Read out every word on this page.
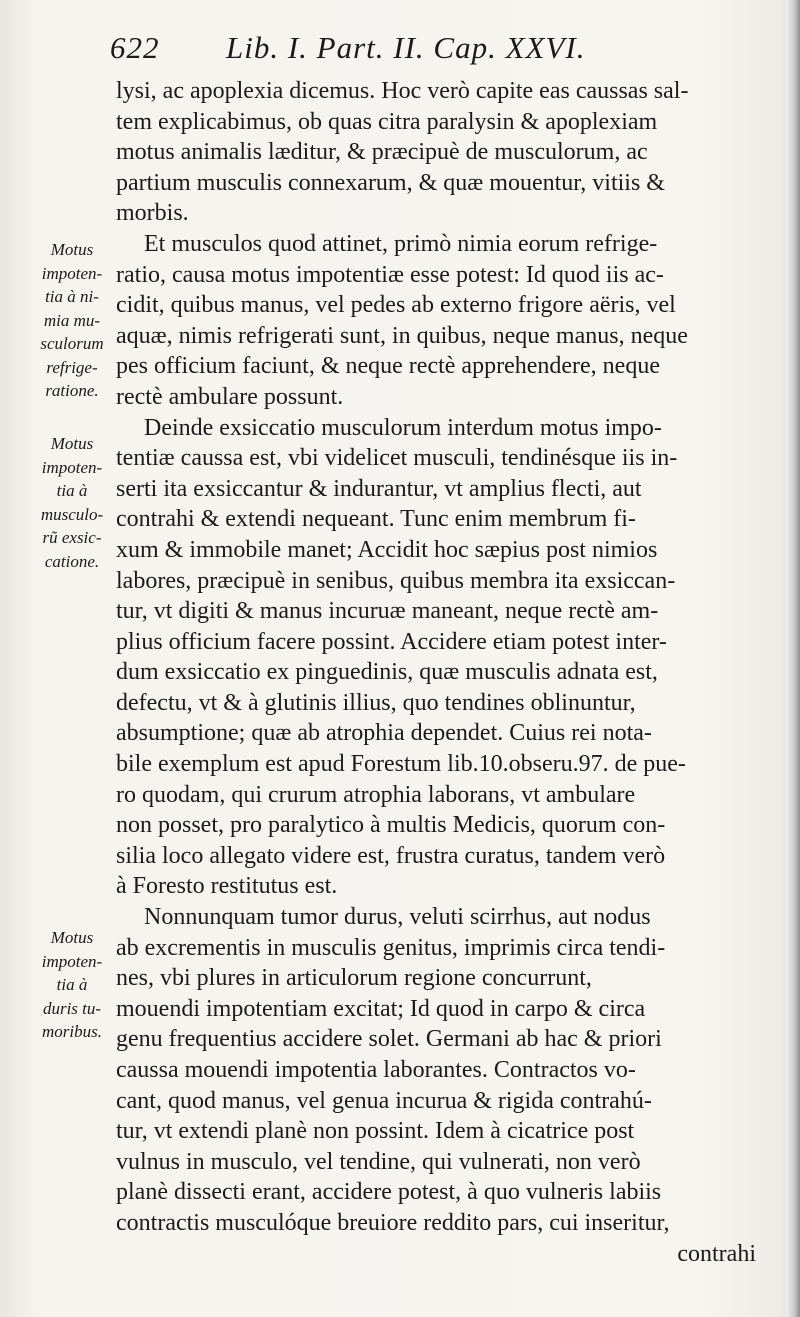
622 Lib. I. Part. II. Cap. XXVI.
lysi, ac apoplexia dicemus. Hoc verò capite eas caussas sal-
tem explicabimus, ob quas citra paralysin & apoplexiam
motus animalis læditur, & præcipuè de musculorum, ac
partium musculis connexarum, & quæ mouentur, vitiis &
morbis.
Et musculos quod attinet, primò nimia eorum refrige-
ratio, causa motus impotentiæ esse potest: Id quod iis ac-
cidit, quibus manus, vel pedes ab externo frigore aëris, vel
aquæ, nimis refrigerati sunt, in quibus, neque manus, neque
pes officium faciunt, & neque rectè apprehendere, neque
rectè ambulare possunt.
Deinde exsiccatio musculorum interdum motus impo-
tentiæ caussa est, vbi videlicet musculi, tendinésque iis in-
serti ita exsiccantur & indurantur, vt amplius flecti, aut
contrahi & extendi nequeant. Tunc enim membrum fi-
xum & immobile manet; Accidit hoc sæpius post nimios
labores, præcipuè in senibus, quibus membra ita exsiccan-
tur, vt digiti & manus incuruæ maneant, neque rectè am-
plius officium facere possint. Accidere etiam potest inter-
dum exsiccatio ex pinguedinis, quæ musculis adnata est,
defectu, vt & à glutinis illius, quo tendines oblinuntur,
absumptione; quæ ab atrophia dependet. Cuius rei nota-
bile exemplum est apud Forestum lib.10.obseru.97. de pue-
ro quodam, qui crurum atrophia laborans, vt ambulare
non posset, pro paralytico à multis Medicis, quorum con-
silia loco allegato videre est, frustra curatus, tandem verò
à Foresto restitutus est.
Nonnunquam tumor durus, veluti scirrhus, aut nodus
ab excrementis in musculis genitus, imprimis circa tendi-
nes, vbi plures in articulorum regione concurrunt,
mouendi impotentiam excitat; Id quod in carpo & circa
genu frequentius accidere solet. Germani ab hac & priori
caussa mouendi impotentia laborantes. Contractos vo-
cant, quod manus, vel genua incurua & rigida contrahú-
tur, vt extendi planè non possint. Idem à cicatrice post
vulnus in musculo, vel tendine, qui vulnerati, non verò
planè dissecti erant, accidere potest, à quo vulneris labiis
contractis musculóque breuiore reddito pars, cui inseritur,
contrahi
Motus
impoten-
tia à ni-
mia mu-
sculorum
refrige-
ratione.
Motus
impoten-
tia à
musculo-
rũ exsic-
catione.
Motus
impoten-
tia à
duris tu-
moribus.
